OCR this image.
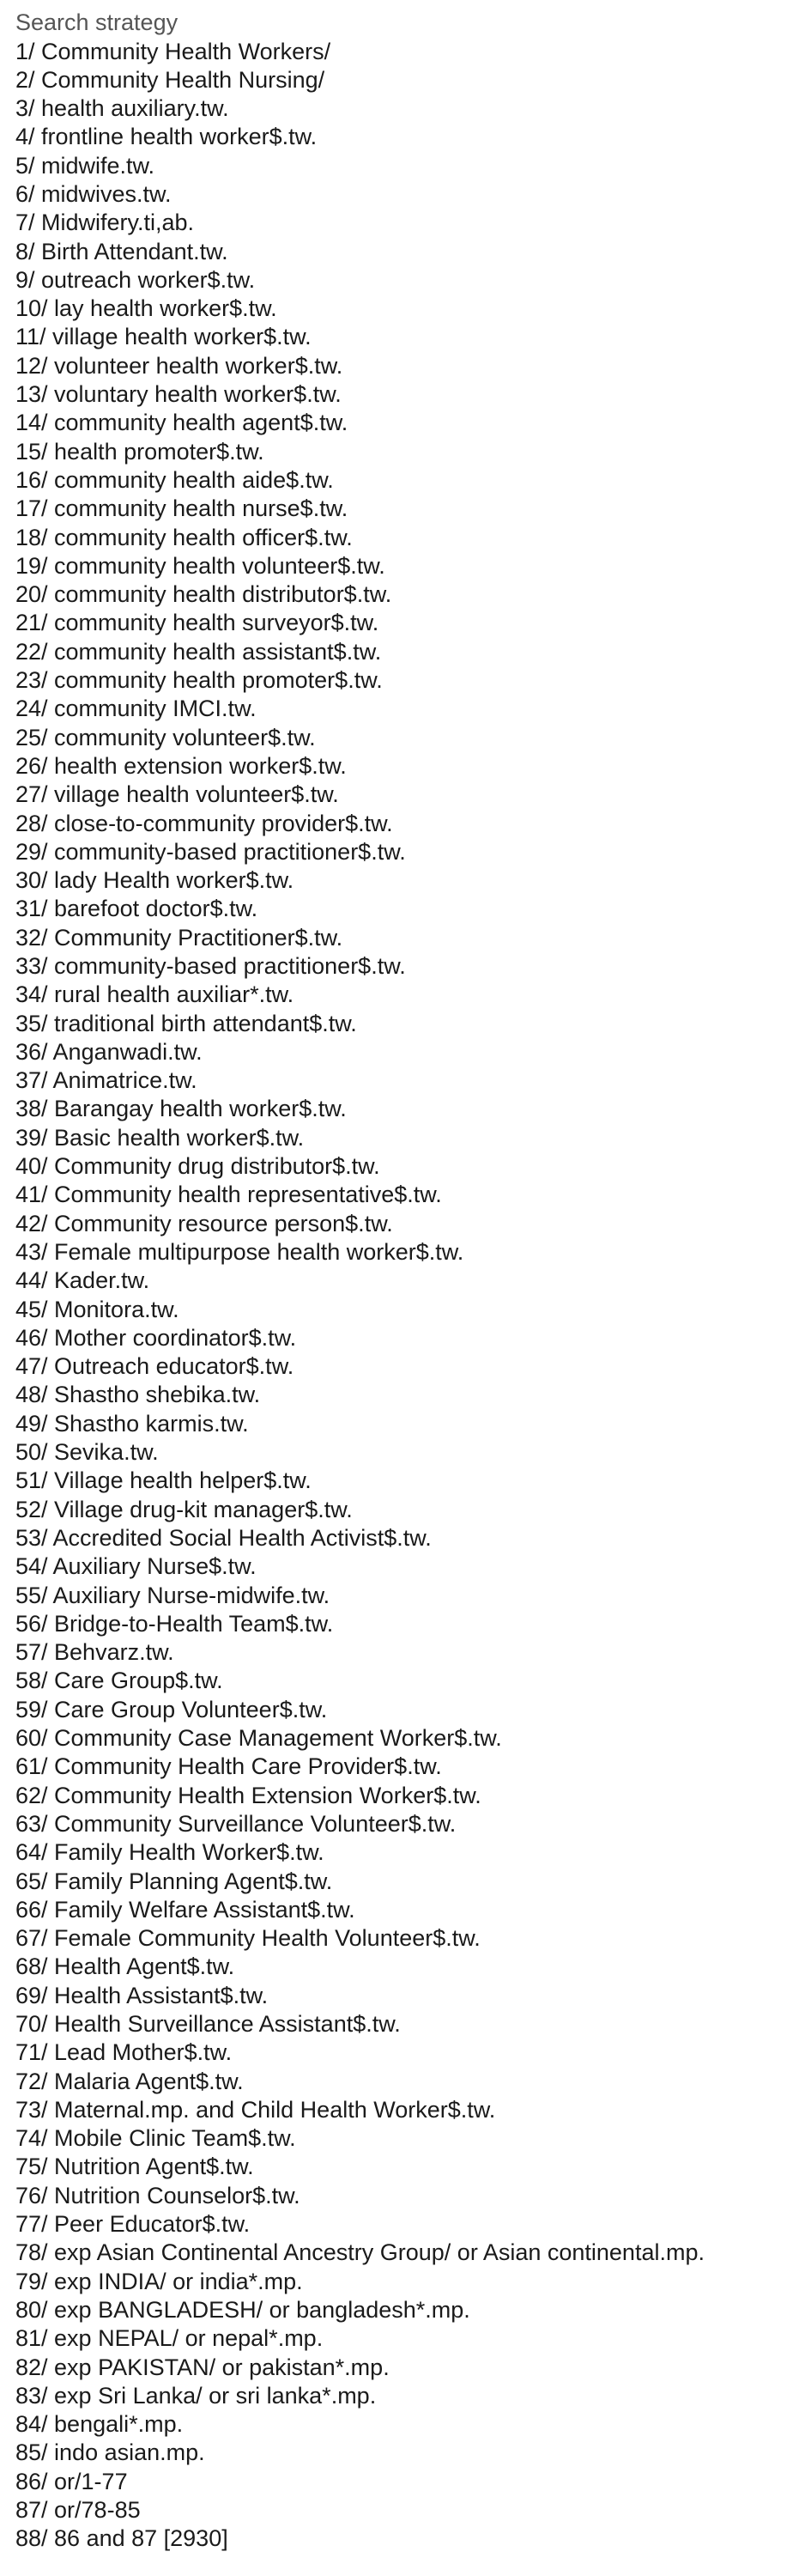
Search strategy
1/ Community Health Workers/
2/ Community Health Nursing/
3/ health auxiliary.tw.
4/ frontline health worker$.tw.
5/ midwife.tw.
6/ midwives.tw.
7/ Midwifery.ti,ab.
8/ Birth Attendant.tw.
9/ outreach worker$.tw.
10/ lay health worker$.tw.
11/ village health worker$.tw.
12/ volunteer health worker$.tw.
13/ voluntary health worker$.tw.
14/ community health agent$.tw.
15/ health promoter$.tw.
16/ community health aide$.tw.
17/ community health nurse$.tw.
18/ community health officer$.tw.
19/ community health volunteer$.tw.
20/ community health distributor$.tw.
21/ community health surveyor$.tw.
22/ community health assistant$.tw.
23/ community health promoter$.tw.
24/ community IMCI.tw.
25/ community volunteer$.tw.
26/ health extension worker$.tw.
27/ village health volunteer$.tw.
28/ close-to-community provider$.tw.
29/ community-based practitioner$.tw.
30/ lady Health worker$.tw.
31/ barefoot doctor$.tw.
32/ Community Practitioner$.tw.
33/ community-based practitioner$.tw.
34/ rural health auxiliar*.tw.
35/ traditional birth attendant$.tw.
36/ Anganwadi.tw.
37/ Animatrice.tw.
38/ Barangay health worker$.tw.
39/ Basic health worker$.tw.
40/ Community drug distributor$.tw.
41/ Community health representative$.tw.
42/ Community resource person$.tw.
43/ Female multipurpose health worker$.tw.
44/ Kader.tw.
45/ Monitora.tw.
46/ Mother coordinator$.tw.
47/ Outreach educator$.tw.
48/ Shastho shebika.tw.
49/ Shastho karmis.tw.
50/ Sevika.tw.
51/ Village health helper$.tw.
52/ Village drug-kit manager$.tw.
53/ Accredited Social Health Activist$.tw.
54/ Auxiliary Nurse$.tw.
55/ Auxiliary Nurse-midwife.tw.
56/ Bridge-to-Health Team$.tw.
57/ Behvarz.tw.
58/ Care Group$.tw.
59/ Care Group Volunteer$.tw.
60/ Community Case Management Worker$.tw.
61/ Community Health Care Provider$.tw.
62/ Community Health Extension Worker$.tw.
63/ Community Surveillance Volunteer$.tw.
64/ Family Health Worker$.tw.
65/ Family Planning Agent$.tw.
66/ Family Welfare Assistant$.tw.
67/ Female Community Health Volunteer$.tw.
68/ Health Agent$.tw.
69/ Health Assistant$.tw.
70/ Health Surveillance Assistant$.tw.
71/ Lead Mother$.tw.
72/ Malaria Agent$.tw.
73/ Maternal.mp. and Child Health Worker$.tw.
74/ Mobile Clinic Team$.tw.
75/ Nutrition Agent$.tw.
76/ Nutrition Counselor$.tw.
77/ Peer Educator$.tw.
78/ exp Asian Continental Ancestry Group/ or Asian continental.mp.
79/ exp INDIA/ or india*.mp.
80/ exp BANGLADESH/ or bangladesh*.mp.
81/ exp NEPAL/ or nepal*.mp.
82/ exp PAKISTAN/ or pakistan*.mp.
83/ exp Sri Lanka/ or sri lanka*.mp.
84/ bengali*.mp.
85/ indo asian.mp.
86/ or/1-77
87/ or/78-85
88/ 86 and 87 [2930]
